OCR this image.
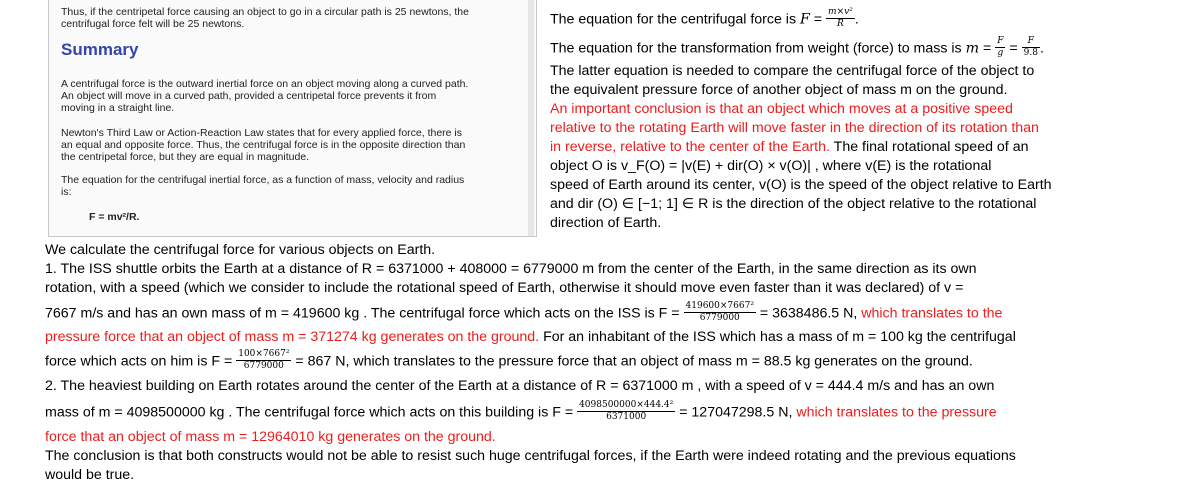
Thus, if the centripetal force causing an object to go in a circular path is 25 newtons, the
centrifugal force felt will be 25 newtons.
Summary
A centrifugal force is the outward inertial force on an object moving along a curved path.
An object will move in a curved path, provided a centripetal force prevents it from
moving in a straight line.
Newton's Third Law or Action-Reaction Law states that for every applied force, there is
an equal and opposite force. Thus, the centrifugal force is in the opposite direction than
the centripetal force, but they are equal in magnitude.
The equation for the centrifugal inertial force, as a function of mass, velocity and radius
is:
F = mv²/R.
The equation for the centrifugal force is $F = \frac{\text{m×v²}}{R}$ .
The equation for the transformation from weight (force) to mass is $m = \frac{F}{g} = \frac{F}{9.8}$ .
The latter equation is needed to compare the centrifugal force of the object to
the equivalent pressure force of another object of mass m on the ground.
An important conclusion is that an object which moves at a positive speed
relative to the rotating Earth will move faster in the direction of its rotation than
in reverse, relative to the center of the Earth. The final rotational speed of an
object O is v_F(O) = |v(E) + dir(O) × v(O)| , where v(E) is the rotational
speed of Earth around its center, v(O) is the speed of the object relative to Earth
and dir (O) ∈ [−1; 1] ∈ R is the direction of the object relative to the rotational
direction of Earth.
We calculate the centrifugal force for various objects on Earth.
1. The ISS shuttle orbits the Earth at a distance of R = 6371000 + 408000 = 6779000 m from the center of the Earth, in the same direction as its own
rotation, with a speed (which we consider to include the rotational speed of Earth, otherwise it should move even faster than it was declared) of v =
7667 m/s and has an own mass of m = 419600 kg . The centrifugal force which acts on the ISS is $F = \frac{\text{419600×7667²}}{6779000} = 3638486.5$ N, which translates to the
pressure force that an object of mass m = 371274 kg generates on the ground. For an inhabitant of the ISS which has a mass of m = 100 kg the centrifugal
force which acts on him is $F = \frac{\text{100×7667²}}{6779000} = 867$ N, which translates to the pressure force that an object of mass m = 88.5 kg generates on the ground.
2. The heaviest building on Earth rotates around the center of the Earth at a distance of R = 6371000 m , with a speed of v = 444.4 m/s and has an own
mass of m = 4098500000 kg . The centrifugal force which acts on this building is $F = \frac{\text{4098500000×444.4²}}{6371000} = 127047298.5$ N, which translates to the pressure
force that an object of mass m = 12964010 kg generates on the ground.
The conclusion is that both constructs would not be able to resist such huge centrifugal forces, if the Earth were indeed rotating and the previous equations
would be true.
